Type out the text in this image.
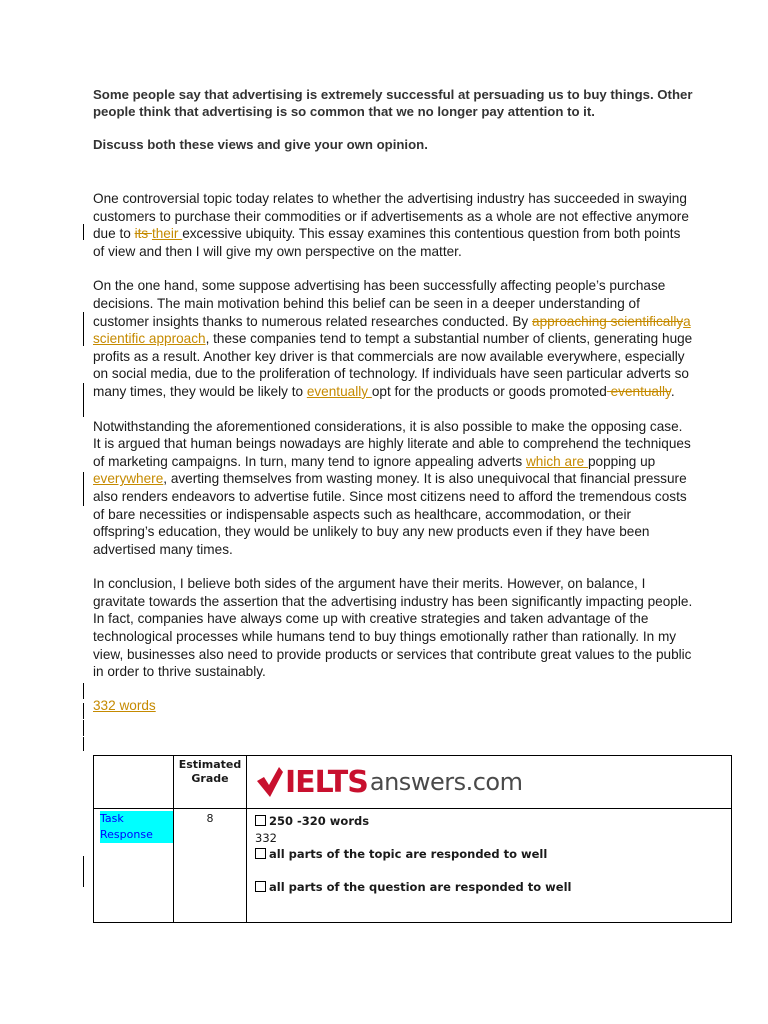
Some people say that advertising is extremely successful at persuading us to buy things. Other people think that advertising is so common that we no longer pay attention to it.

Discuss both these views and give your own opinion.

One controversial topic today relates to whether the advertising industry has succeeded in swaying customers to purchase their commodities or if advertisements as a whole are not effective anymore due to its their excessive ubiquity. This essay examines this contentious question from both points of view and then I will give my own perspective on the matter.

On the one hand, some suppose advertising has been successfully affecting people’s purchase decisions. The main motivation behind this belief can be seen in a deeper understanding of customer insights thanks to numerous related researches conducted. By approaching scientificallya scientific approach, these companies tend to tempt a substantial number of clients, generating huge profits as a result. Another key driver is that commercials are now available everywhere, especially on social media, due to the proliferation of technology. If individuals have seen particular adverts so many times, they would be likely to eventually opt for the products or goods promoted eventually.

Notwithstanding the aforementioned considerations, it is also possible to make the opposing case. It is argued that human beings nowadays are highly literate and able to comprehend the techniques of marketing campaigns. In turn, many tend to ignore appealing adverts which are popping up everywhere, averting themselves from wasting money. It is also unequivocal that financial pressure also renders endeavors to advertise futile. Since most citizens need to afford the tremendous costs of bare necessities or indispensable aspects such as healthcare, accommodation, or their offspring’s education, they would be unlikely to buy any new products even if they have been advertised many times.

In conclusion, I believe both sides of the argument have their merits. However, on balance, I gravitate towards the assertion that the advertising industry has been significantly impacting people. In fact, companies have always come up with creative strategies and taken advantage of the technological processes while humans tend to buy things emotionally rather than rationally. In my view, businesses also need to provide products or services that contribute great values to the public in order to thrive sustainably.

332 words

	Estimated Grade	IELTS answers.com

Task Response	8	250 -320 words
332
all parts of the topic are responded to well
all parts of the question are responded to well
